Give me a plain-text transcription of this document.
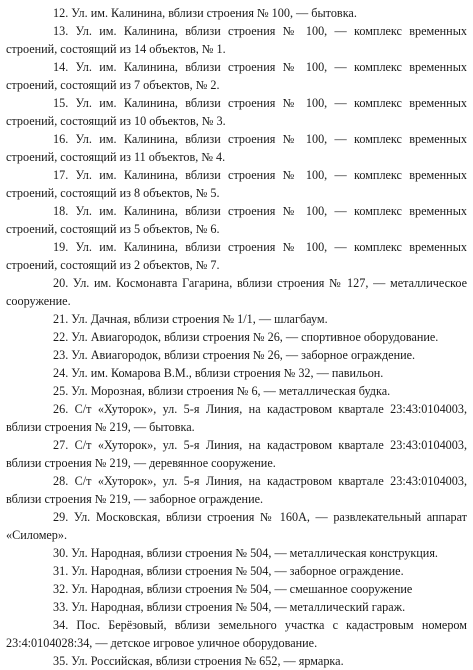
12. Ул. им. Калинина, вблизи строения № 100, — бытовка.

13. Ул. им. Калинина, вблизи строения № 100, — комплекс временных строений, состоящий из 14 объектов, № 1.

14. Ул. им. Калинина, вблизи строения № 100, — комплекс временных строений, состоящий из 7 объектов, № 2.

15. Ул. им. Калинина, вблизи строения № 100, — комплекс временных строений, состоящий из 10 объектов, № 3.

16. Ул. им. Калинина, вблизи строения № 100, — комплекс временных строений, состоящий из 11 объектов, № 4.

17. Ул. им. Калинина, вблизи строения № 100, — комплекс временных строений, состоящий из 8 объектов, № 5.

18. Ул. им. Калинина, вблизи строения № 100, — комплекс временных строений, состоящий из 5 объектов, № 6.

19. Ул. им. Калинина, вблизи строения № 100, — комплекс временных строений, состоящий из 2 объектов, № 7.

20. Ул. им. Космонавта Гагарина, вблизи строения № 127, — металлическое сооружение.

21. Ул. Дачная, вблизи строения № 1/1, — шлагбаум.

22. Ул. Авиагородок, вблизи строения № 26, — спортивное оборудование.

23. Ул. Авиагородок, вблизи строения № 26, — заборное ограждение.

24. Ул. им. Комарова В.М., вблизи строения № 32, — павильон.

25. Ул. Морозная, вблизи строения № 6, — металлическая будка.

26. С/т «Хуторок», ул. 5-я Линия, на кадастровом квартале 23:43:0104003, вблизи строения № 219, — бытовка.

27. С/т «Хуторок», ул. 5-я Линия, на кадастровом квартале 23:43:0104003, вблизи строения № 219, — деревянное сооружение.

28. С/т «Хуторок», ул. 5-я Линия, на кадастровом квартале 23:43:0104003, вблизи строения № 219, — заборное ограждение.

29. Ул. Московская, вблизи строения № 160А, — развлекательный аппарат «Силомер».

30. Ул. Народная, вблизи строения № 504, — металлическая конструкция.

31. Ул. Народная, вблизи строения № 504, — заборное ограждение.

32. Ул. Народная, вблизи строения № 504, — смешанное сооружение

33. Ул. Народная, вблизи строения № 504, — металлический гараж.

34. Пос. Берёзовый, вблизи земельного участка с кадастровым номером 23:4:0104028:34, — детское игровое уличное оборудование.

35. Ул. Российская, вблизи строения № 652, — ярмарка.
